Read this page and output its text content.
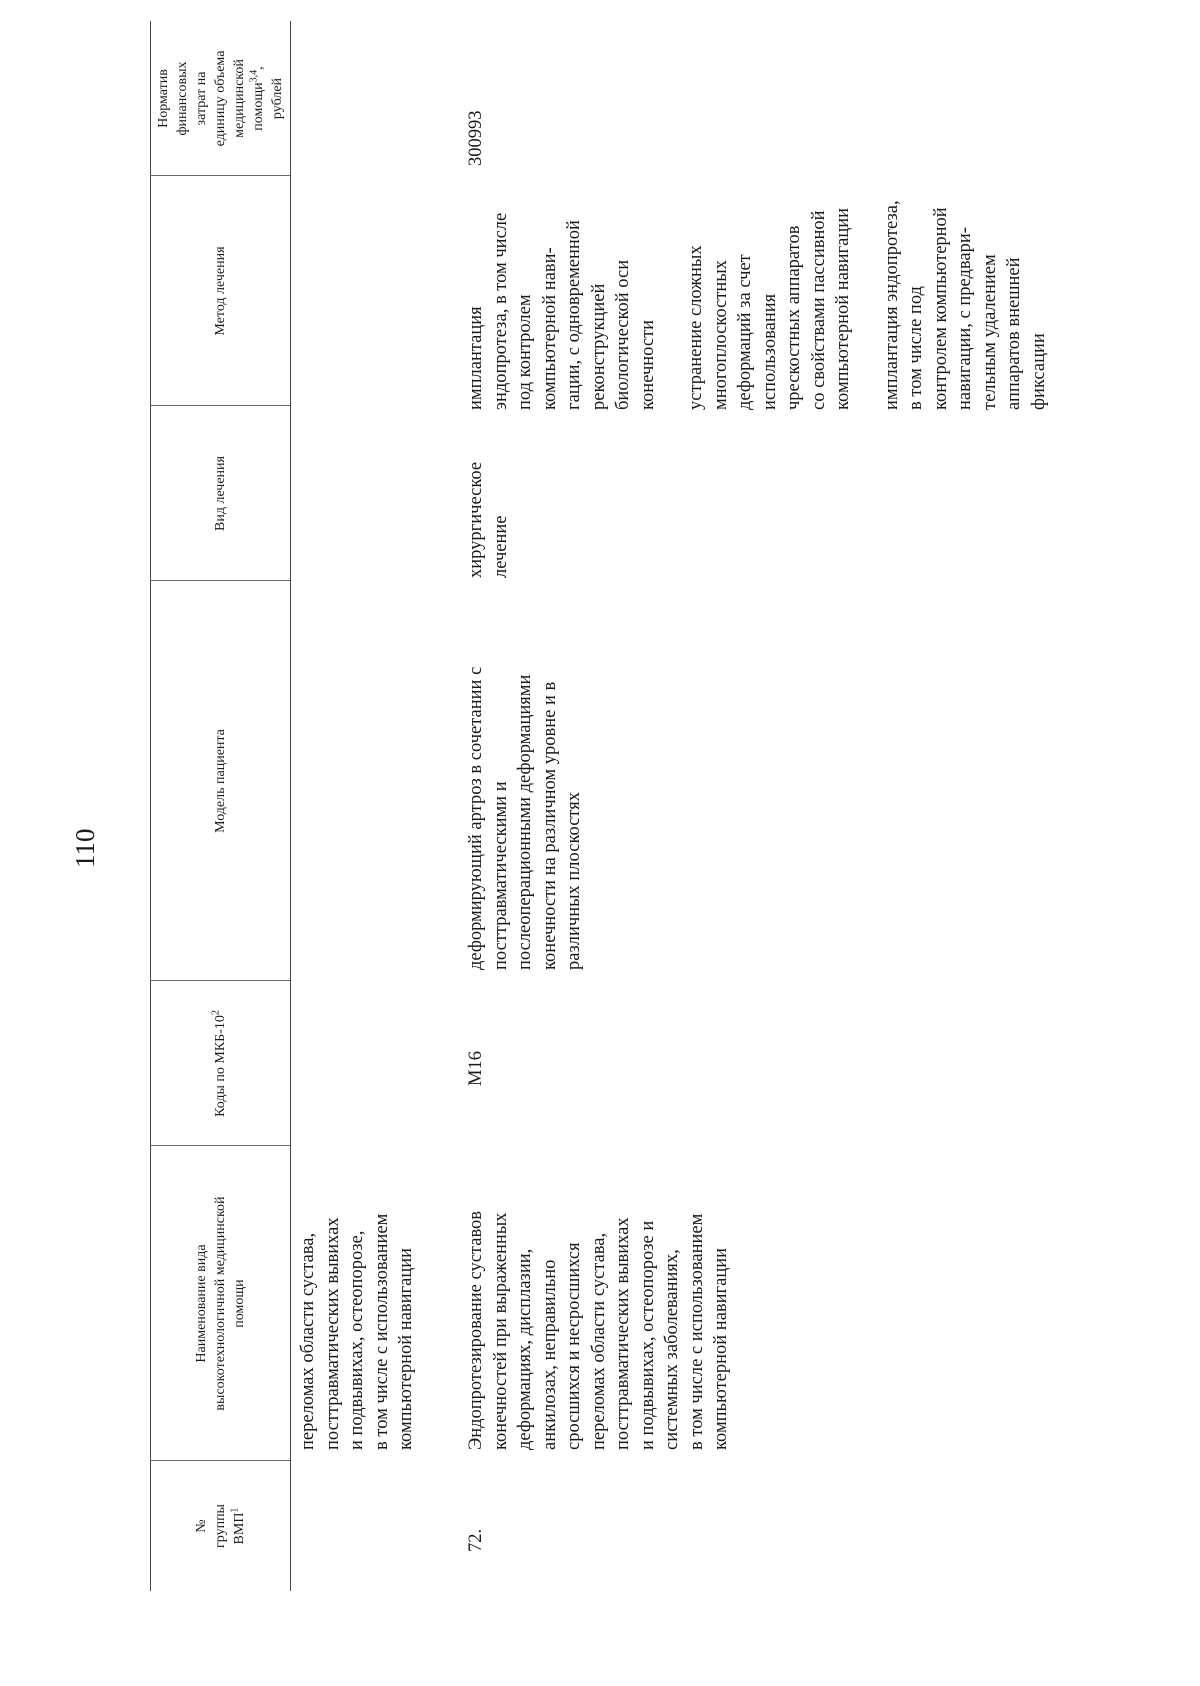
110
№ группы ВМП$^1$
Наименование вида высокотехнологичной медицинской помощи
Коды по МКБ-$10^2$
Модель пациента
Вид лечения
Метод лечения
Норматив финансовых затрат на единицу объема медицинской помощи$^{3,4}$,
рублей
переломах области сустава, посттравматических вывихах и подвывихах, остеопорозе, в том числе с использованием компьютерной навигации
72.
Эндопротезирование суставов конечностей при выраженных деформациях, дисплазии, анкилозах, неправильно сросшихся и несросшихся переломах области сустава, посттравматических вывихах и подвывихах, остеопорозе и системных заболеваниях, в том числе с использованием компьютерной навигации
M16
деформирующий артроз в сочетании с посттравматическими и послеоперационными деформациями конечности на различном уровне и в различных плоскостях
хирургическое лечение
имплантация эндопротеза, в том числе под контролем компьютерной нави- гации, с одновременной реконструкцией биологической оси конечности устранение сложных многоплоскостных деформаций за счет использования чрескостных аппаратов со свойствами пассивной компьютерной навигации имплантация эндопротеза, в том числе под контролем компьютерной навигации, с предвари- тельным удалением аппаратов внешней фиксации
300993
